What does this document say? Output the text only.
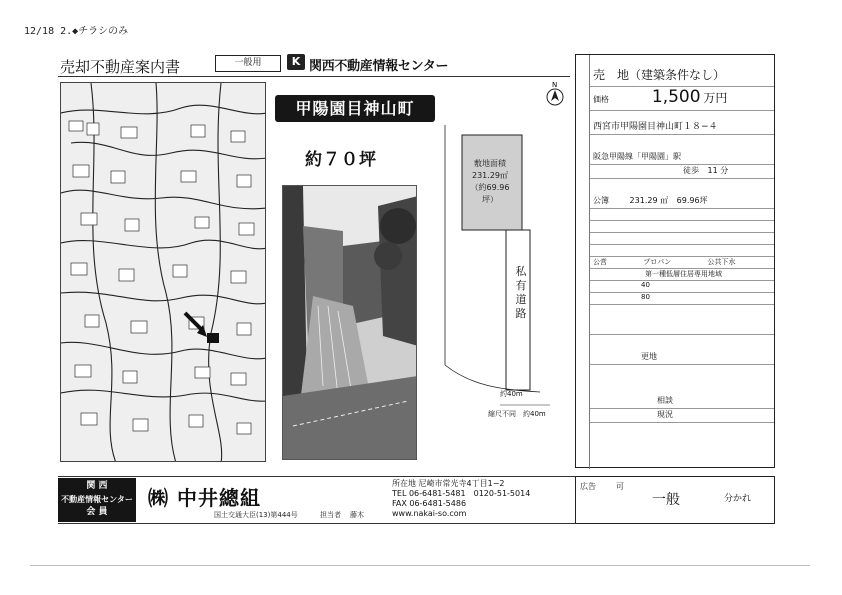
12/18 2.◆チラシのみ
売却不動産案内書	一般用	K 関西不動産情報センター
甲陽園目神山町
約７０坪	敷地面積
231.29㎡
（約69.96坪）
私有道路
約40m
縮尺不同　約40m
N
売　地（建築条件なし）
価格	1,500 万円
西宮市甲陽園目神山町１８−４
阪急甲陽線「甲陽園」駅
徒歩 11 分
公簿	231.29 ㎡ 69.96坪
公営	プロパン	公共下水
第一種低層住居専用地域
40
80
更地
相談
現況
関 西
不動産情報センター
会 員
㈱ 中井總組
国土交通大臣(13)第444号	担当者 藤木
所在地 尼崎市常光寺4丁目1−2
TEL 06-6481-5481　0120-51-5014
FAX 06-6481-5486
www.nakai-so.com
広告	可
一般	分かれ
